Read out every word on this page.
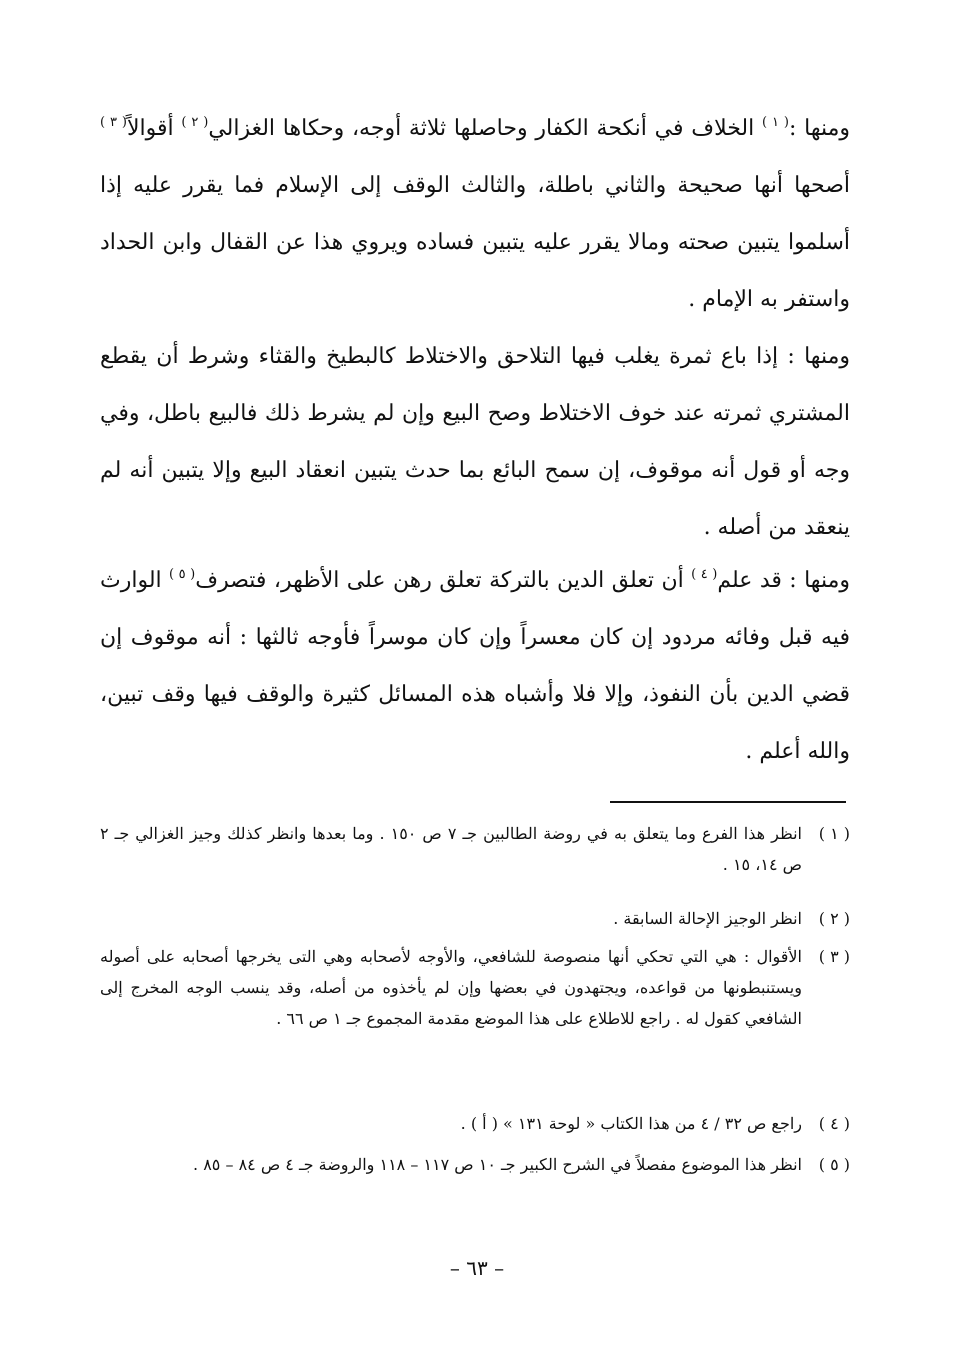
ومنها :$^{( ١ )}$ الخلاف في أنكحة الكفار وحاصلها ثلاثة أوجه، وحكاها الغزالي$^{( ٢ )}$ أقوالاً$^{( ٣ )}$ أصحها أنها صحيحة والثاني باطلة، والثالث الوقف إلى الإسلام فما يقرر عليه إذا أسلموا يتبين صحته ومالا يقرر عليه يتبين فساده ويروي هذا عن القفال وابن الحداد واستفر به الإمام .

ومنها : إذا باع ثمرة يغلب فيها التلاحق والاختلاط كالبطيخ والقثاء وشرط أن يقطع المشتري ثمرته عند خوف الاختلاط وصح البيع وإن لم يشرط ذلك فالبيع باطل، وفي وجه أو قول أنه موقوف، إن سمح البائع بما حدث يتبين انعقاد البيع وإلا يتبين أنه لم ينعقد من أصله .

ومنها : قد علم$^{( ٤ )}$ أن تعلق الدين بالتركة تعلق رهن على الأظهر، فتصرف$^{( ٥ )}$ الوارث فيه قبل وفائه مردود إن كان معسراً وإن كان موسراً فأوجه ثالثها : أنه موقوف إن قضي الدين بأن النفوذ، وإلا فلا وأشباه هذه المسائل كثيرة والوقف فيها وقف تبين، والله أعلم .

( ١ )
انظر هذا الفرع وما يتعلق به في روضة الطالبين جـ ٧ ص ١٥٠ . وما بعدها وانظر كذلك وجيز الغزالي جـ ٢ ص ١٤، ١٥ .
( ٢ )
انظر الوجيز الإحالة السابقة .
( ٣ )
الأقوال : هي التي تحكي أنها منصوصة للشافعي، والأوجه لأصحابه وهي التى يخرجها أصحابه على أصوله ويستنبطونها من قواعده، ويجتهدون في بعضها وإن لم يأخذوه من أصله، وقد ينسب الوجه المخرج إلى الشافعي كقول له . راجع للاطلاع على هذا الموضع مقدمة المجموع جـ ١ ص ٦٦ .
( ٤ )
راجع ص ٣٢ / ٤ من هذا الكتاب « لوحة ١٣١ » ( أ ) .
( ٥ )
انظر هذا الموضوع مفصلاً في الشرح الكبير جـ ١٠ ص ١١٧ – ١١٨ والروضة جـ ٤ ص ٨٤ – ٨٥ .

– ٦٣ –
